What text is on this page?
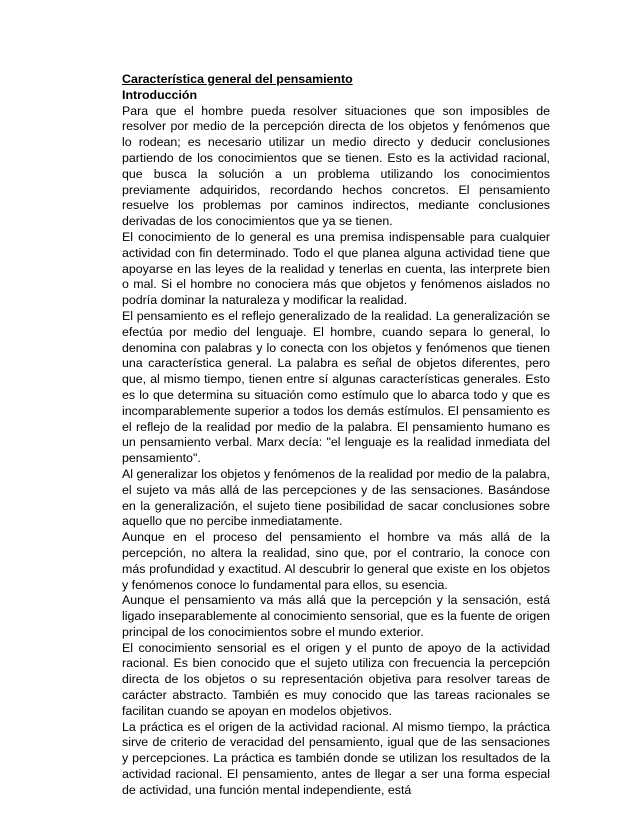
Característica general del pensamiento

Introducción

Para que el hombre pueda resolver situaciones que son imposibles de resolver por medio de la percepción directa de los objetos y fenómenos que lo rodean; es necesario utilizar un medio directo y deducir conclusiones partiendo de los conocimientos que se tienen. Esto es la actividad racional, que busca la solución a un problema utilizando los conocimientos previamente adquiridos, recordando hechos concretos. El pensamiento resuelve los problemas por caminos indirectos, mediante conclusiones derivadas de los conocimientos que ya se tienen.

El conocimiento de lo general es una premisa indispensable para cualquier actividad con fin determinado. Todo el que planea alguna actividad tiene que apoyarse en las leyes de la realidad y tenerlas en cuenta, las interprete bien o mal. Si el hombre no conociera más que objetos y fenómenos aislados no podría dominar la naturaleza y modificar la realidad.

El pensamiento es el reflejo generalizado de la realidad. La generalización se efectúa por medio del lenguaje. El hombre, cuando separa lo general, lo denomina con palabras y lo conecta con los objetos y fenómenos que tienen una característica general. La palabra es señal de objetos diferentes, pero que, al mismo tiempo, tienen entre sí algunas características generales. Esto es lo que determina su situación como estímulo que lo abarca todo y que es incomparablemente superior a todos los demás estímulos. El pensamiento es el reflejo de la realidad por medio de la palabra. El pensamiento humano es un pensamiento verbal. Marx decía: "el lenguaje es la realidad inmediata del pensamiento".

Al generalizar los objetos y fenómenos de la realidad por medio de la palabra, el sujeto va más allá de las percepciones y de las sensaciones. Basándose en la generalización, el sujeto tiene posibilidad de sacar conclusiones sobre aquello que no percibe inmediatamente.

Aunque en el proceso del pensamiento el hombre va más allá de la percepción, no altera la realidad, sino que, por el contrario, la conoce con más profundidad y exactitud. Al descubrir lo general que existe en los objetos y fenómenos conoce lo fundamental para ellos, su esencia.

Aunque el pensamiento va más allá que la percepción y la sensación, está ligado inseparablemente al conocimiento sensorial, que es la fuente de origen principal de los conocimientos sobre el mundo exterior.

El conocimiento sensorial es el origen y el punto de apoyo de la actividad racional. Es bien conocido que el sujeto utiliza con frecuencia la percepción directa de los objetos o su representación objetiva para resolver tareas de carácter abstracto. También es muy conocido que las tareas racionales se facilitan cuando se apoyan en modelos objetivos.

La práctica es el origen de la actividad racional. Al mismo tiempo, la práctica sirve de criterio de veracidad del pensamiento, igual que de las sensaciones y percepciones. La práctica es también donde se utilizan los resultados de la actividad racional. El pensamiento, antes de llegar a ser una forma especial de actividad, una función mental independiente, está
